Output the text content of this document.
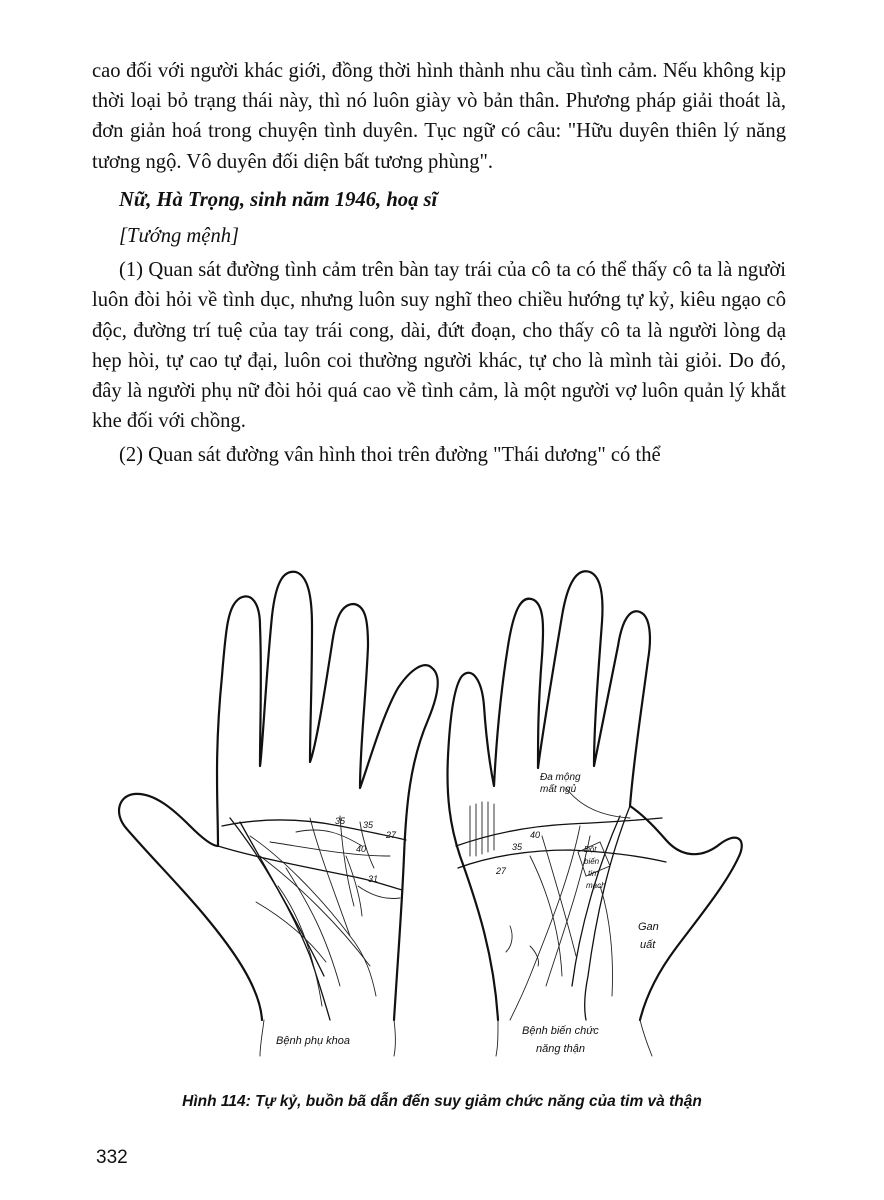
cao đối với người khác giới, đồng thời hình thành nhu cầu tình cảm. Nếu không kịp thời loại bỏ trạng thái này, thì nó luôn giày vò bản thân. Phương pháp giải thoát là, đơn giản hoá trong chuyện tình duyên. Tục ngữ có câu: "Hữu duyên thiên lý năng tương ngộ. Vô duyên đối diện bất tương phùng".

Nữ, Hà Trọng, sinh năm 1946, hoạ sĩ

[Tướng mệnh]

(1) Quan sát đường tình cảm trên bàn tay trái của cô ta có thể thấy cô ta là người luôn đòi hỏi về tình dục, nhưng luôn suy nghĩ theo chiều hướng tự kỷ, kiêu ngạo cô độc, đường trí tuệ của tay trái cong, dài, đứt đoạn, cho thấy cô ta là người lòng dạ hẹp hòi, tự cao tự đại, luôn coi thường người khác, tự cho là mình tài giỏi. Do đó, đây là người phụ nữ đòi hỏi quá cao về tình cảm, là một người vợ luôn quản lý khắt khe đối với chồng.

(2) Quan sát đường vân hình thoi trên đường "Thái dương" có thể

35 35
27
40
31
Bệnh phụ khoa
Đa mộng
mất ngủ
35
40
27
Đột
biến
tim
mạch
Gan
uất
Bệnh biến chức
năng thận
Hình 114: Tự kỷ, buồn bã dẫn đến suy giảm chức năng của tim và thận
332
